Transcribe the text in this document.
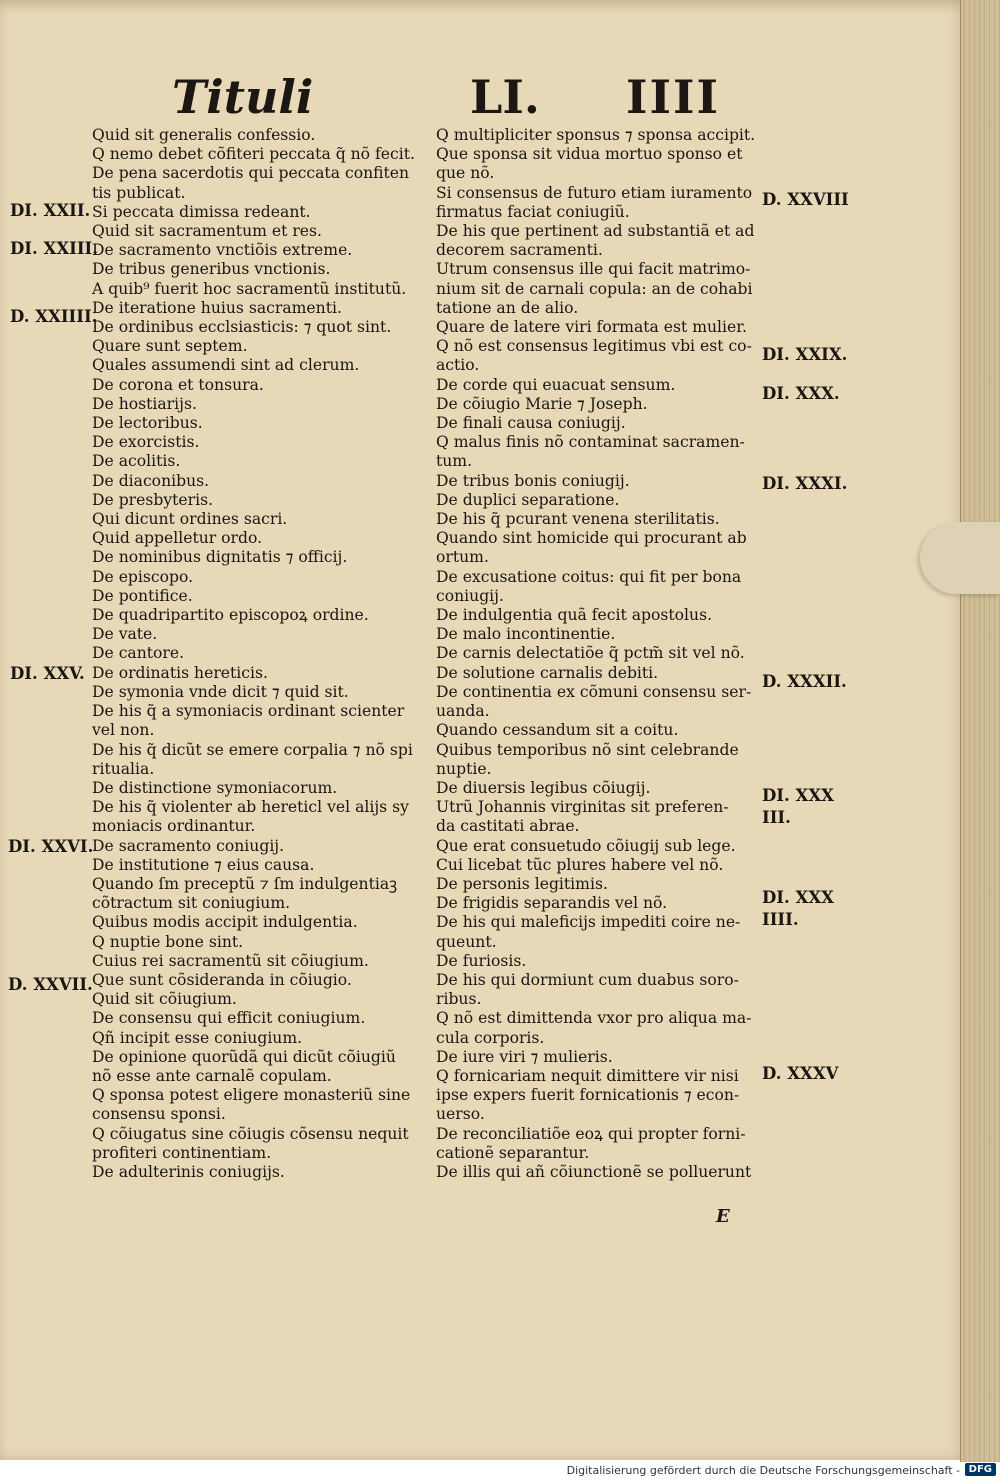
Tituli	LI. IIII
Quid sit generalis confessio.
Q nemo debet cõfiteri peccata q̃ nõ fecit.
De pena sacerdotis qui peccata confiten
tis publicat.
Si peccata dimissa redeant.
Quid sit sacramentum et res.
De sacramento vnctiõis extreme.
De tribus generibus vnctionis.
A quib⁹ fuerit hoc sacramentũ institutũ.
De iteratione huius sacramenti.
De ordinibus ecclsiasticis: ⁊ quot sint.
Quare sunt septem.
Quales assumendi sint ad clerum.
De corona et tonsura.
De hostiarijs.
De lectoribus.
De exorcistis.
De acolitis.
De diaconibus.
De presbyteris.
Qui dicunt ordines sacri.
Quid appelletur ordo.
De nominibus dignitatis ⁊ officij.
De episcopo.
De pontifice.
De quadripartito episcopoꝝ ordine.
De vate.
De cantore.
De ordinatis hereticis.
De symonia vnde dicit ⁊ quid sit.
De his q̃ a symoniacis ordinant scienter
vel non.
De his q̃ dicũt se emere corpalia ⁊ nõ spi
ritualia.
De distinctione symoniacorum.
De his q̃ violenter ab hereticl vel alijs sy
moniacis ordinantur.
De sacramento coniugij.
De institutione ⁊ eius causa.
Quando ſm preceptũ ⁊ ſm indulgentiaꝫ
cõtractum sit coniugium.
Quibus modis accipit indulgentia.
Q nuptie bone sint.
Cuius rei sacramentũ sit cõiugium.
Que sunt cõsideranda in cõiugio.
Quid sit cõiugium.
De consensu qui efficit coniugium.
Qñ incipit esse coniugium.
De opinione quorũdã qui dicũt cõiugiũ
nõ esse ante carnalẽ copulam.
Q sponsa potest eligere monasteriũ sine
consensu sponsi.
Q cõiugatus sine cõiugis cõsensu nequit
profiteri continentiam.
De adulterinis coniugijs.
Q multipliciter sponsus ⁊ sponsa accipit.
Que sponsa sit vidua mortuo sponso et
que nõ.
Si consensus de futuro etiam iuramento
firmatus faciat coniugiũ.
De his que pertinent ad substantiã et ad
decorem sacramenti.
Utrum consensus ille qui facit matrimo-
nium sit de carnali copula: an de cohabi
tatione an de alio.
Quare de latere viri formata est mulier.
Q nõ est consensus legitimus vbi est co-
actio.
De corde qui euacuat sensum.
De cõiugio Marie ⁊ Joseph.
De finali causa coniugij.
Q malus finis nõ contaminat sacramen-
tum.
De tribus bonis coniugij.
De duplici separatione.
De his q̃ pcurant venena sterilitatis.
Quando sint homicide qui procurant ab
ortum.
De excusatione coitus: qui fit per bona
coniugij.
De indulgentia quã fecit apostolus.
De malo incontinentie.
De carnis delectatiõe q̃ pctm̃ sit vel nõ.
De solutione carnalis debiti.
De continentia ex cõmuni consensu ser-
uanda.
Quando cessandum sit a coitu.
Quibus temporibus nõ sint celebrande
nuptie.
De diuersis legibus cõiugij.
Utrũ Johannis virginitas sit preferen-
da castitati abrae.
Que erat consuetudo cõiugij sub lege.
Cui licebat tũc plures habere vel nõ.
De personis legitimis.
De frigidis separandis vel nõ.
De his qui maleficijs impediti coire ne-
queunt.
De furiosis.
De his qui dormiunt cum duabus soro-
ribus.
Q nõ est dimittenda vxor pro aliqua ma-
cula corporis.
De iure viri ⁊ mulieris.
Q fornicariam nequit dimittere vir nisi
ipse expers fuerit fornicationis ⁊ econ-
uerso.
De reconciliatiõe eoꝝ qui propter forni-
cationẽ separantur.
De illis qui añ cõiunctionẽ se polluerunt
DI. XXII.
DI. XXIII.
D. XXIIII.
DI. XXV.
DI. XXVI.
D. XXVII.
D. XXVIII
DI. XXIX.
DI. XXX.
DI. XXXI.
D. XXXII.
DI. XXX
III.
DI. XXX
IIII.
D. XXXV
E
Digitalisierung gefördert durch die Deutsche Forschungsgemeinschaft - DFG
